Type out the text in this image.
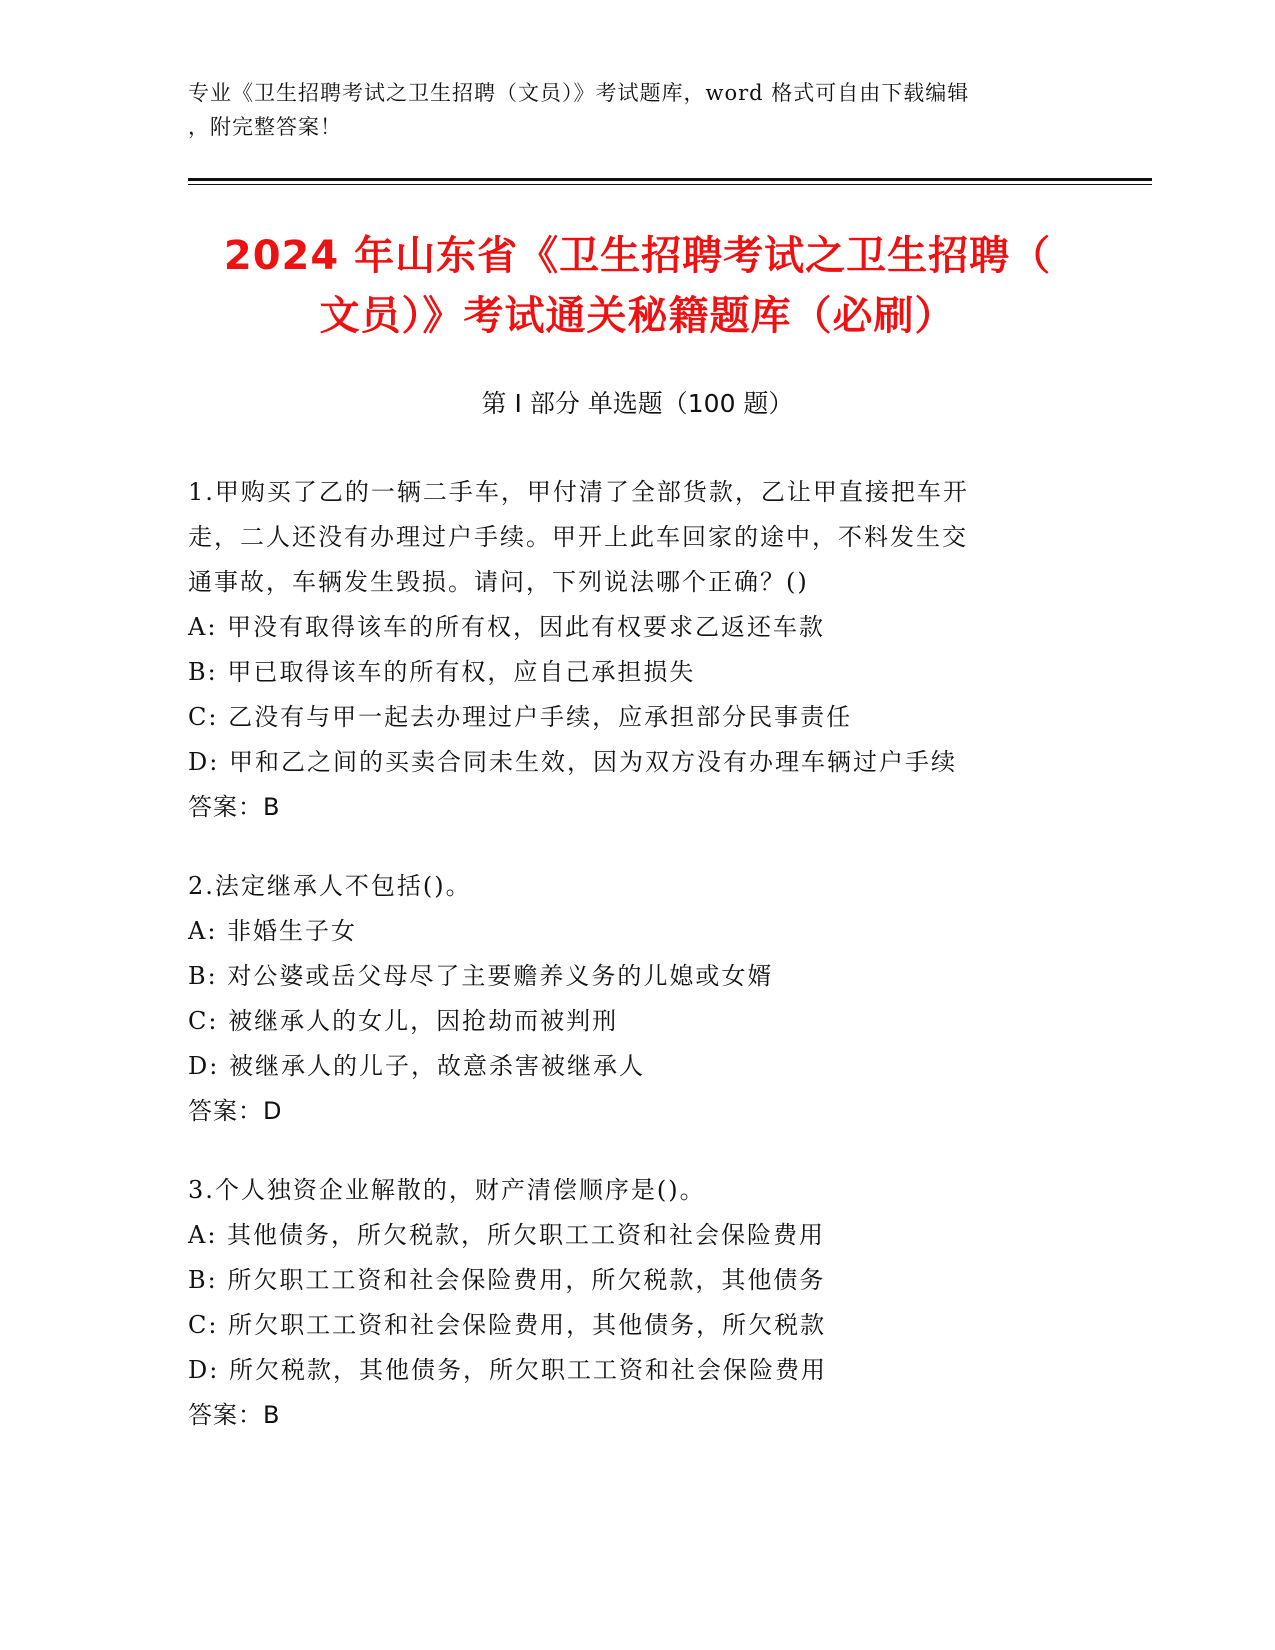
专业《卫生招聘考试之卫生招聘（文员）》考试题库，word 格式可自由下载编辑
，附完整答案！
2024 年山东省《卫生招聘考试之卫生招聘（
文员）》考试通关秘籍题库（必刷）
第 I 部分 单选题（100 题）
1.甲购买了乙的一辆二手车，甲付清了全部货款，乙让甲直接把车开
走，二人还没有办理过户手续。甲开上此车回家的途中，不料发生交
通事故，车辆发生毁损。请问，下列说法哪个正确？()
A: 甲没有取得该车的所有权，因此有权要求乙返还车款
B: 甲已取得该车的所有权，应自己承担损失
C: 乙没有与甲一起去办理过户手续，应承担部分民事责任
D: 甲和乙之间的买卖合同未生效，因为双方没有办理车辆过户手续
答案：B
2.法定继承人不包括()。
A: 非婚生子女
B: 对公婆或岳父母尽了主要赡养义务的儿媳或女婿
C: 被继承人的女儿，因抢劫而被判刑
D: 被继承人的儿子，故意杀害被继承人
答案：D
3.个人独资企业解散的，财产清偿顺序是()。
A: 其他债务，所欠税款，所欠职工工资和社会保险费用
B: 所欠职工工资和社会保险费用，所欠税款，其他债务
C: 所欠职工工资和社会保险费用，其他债务，所欠税款
D: 所欠税款，其他债务，所欠职工工资和社会保险费用
答案：B
